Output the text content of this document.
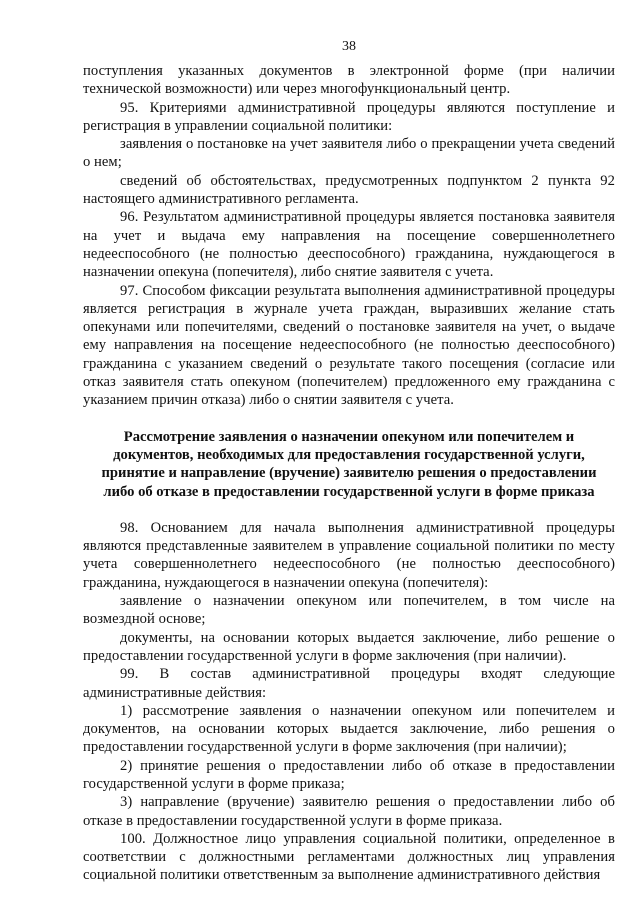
38

поступления указанных документов в электронной форме (при наличии технической возможности) или через многофункциональный центр.

95. Критериями административной процедуры являются поступление и регистрация в управлении социальной политики:

заявления о постановке на учет заявителя либо о прекращении учета сведений о нем;

сведений об обстоятельствах, предусмотренных подпунктом 2 пункта 92 настоящего административного регламента.

96. Результатом административной процедуры является постановка заявителя на учет и выдача ему направления на посещение совершеннолетнего недееспособного (не полностью дееспособного) гражданина, нуждающегося в назначении опекуна (попечителя), либо снятие заявителя с учета.

97. Способом фиксации результата выполнения административной процедуры является регистрация в журнале учета граждан, выразивших желание стать опекунами или попечителями, сведений о постановке заявителя на учет, о выдаче ему направления на посещение недееспособного (не полностью дееспособного) гражданина с указанием сведений о результате такого посещения (согласие или отказ заявителя стать опекуном (попечителем) предложенного ему гражданина с указанием причин отказа) либо о снятии заявителя с учета.

Рассмотрение заявления о назначении опекуном или попечителем и
документов, необходимых для предоставления государственной услуги,
принятие и направление (вручение) заявителю решения о предоставлении
либо об отказе в предоставлении государственной услуги в форме приказа

98. Основанием для начала выполнения административной процедуры являются представленные заявителем в управление социальной политики по месту учета совершеннолетнего недееспособного (не полностью дееспособного) гражданина, нуждающегося в назначении опекуна (попечителя):

заявление о назначении опекуном или попечителем, в том числе на возмездной основе;

документы, на основании которых выдается заключение, либо решение о предоставлении государственной услуги в форме заключения (при наличии).

99. В состав административной процедуры входят следующие административные действия:

1) рассмотрение заявления о назначении опекуном или попечителем и документов, на основании которых выдается заключение, либо решения о предоставлении государственной услуги в форме заключения (при наличии);

2) принятие решения о предоставлении либо об отказе в предоставлении государственной услуги в форме приказа;

3) направление (вручение) заявителю решения о предоставлении либо об отказе в предоставлении государственной услуги в форме приказа.

100. Должностное лицо управления социальной политики, определенное в соответствии с должностными регламентами должностных лиц управления социальной политики ответственным за выполнение административного действия
